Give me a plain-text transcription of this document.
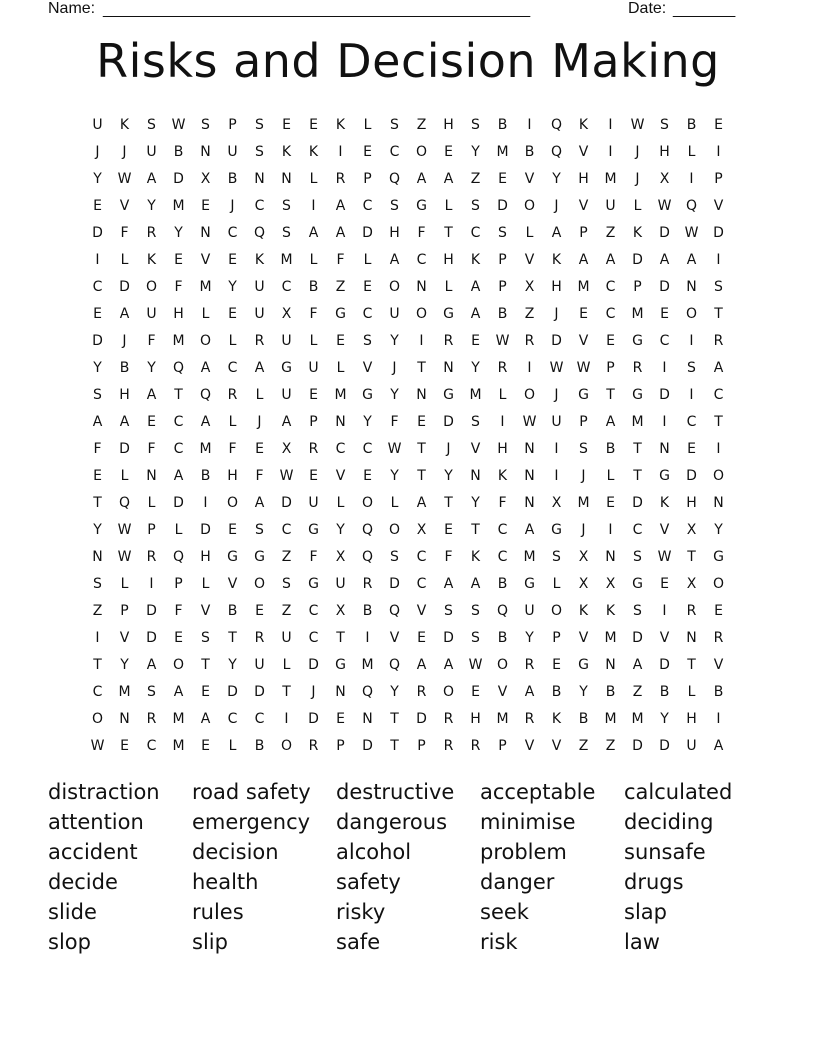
Name: ________________________________________________	Date: _______
Risks and Decision Making
U	K	S	W	S	P	S	E	E	K	L	S	Z	H	S	B	I	Q	K	I	W	S	B	E
J	J	U	B	N	U	S	K	K	I	E	C	O	E	Y	M	B	Q	V	I	J	H	L	I
Y	W	A	D	X	B	N	N	L	R	P	Q	A	A	Z	E	V	Y	H	M	J	X	I	P
E	V	Y	M	E	J	C	S	I	A	C	S	G	L	S	D	O	J	V	U	L	W	Q	V
D	F	R	Y	N	C	Q	S	A	A	D	H	F	T	C	S	L	A	P	Z	K	D	W	D
I	L	K	E	V	E	K	M	L	F	L	A	C	H	K	P	V	K	A	A	D	A	A	I
C	D	O	F	M	Y	U	C	B	Z	E	O	N	L	A	P	X	H	M	C	P	D	N	S
E	A	U	H	L	E	U	X	F	G	C	U	O	G	A	B	Z	J	E	C	M	E	O	T
D	J	F	M	O	L	R	U	L	E	S	Y	I	R	E	W	R	D	V	E	G	C	I	R
Y	B	Y	Q	A	C	A	G	U	L	V	J	T	N	Y	R	I	W W	P	R	I	S	A
S	H	A	T	Q	R	L	U	E	M	G	Y	N	G	M	L	O	J	G	T	G	D	I	C
A	A	E	C	A	L	J	A	P	N	Y	F	E	D	S	I	W	U	P	A	M	I	C	T
F	D	F	C	M	F	E	X	R	C	C	W	T	J	V	H	N	I	S	B	T	N	E	I
E	L	N	A	B	H	F	W	E	V	E	Y	T	Y	N	K	N	I	J	L	T	G	D	O
T	Q	L	D	I	O	A	D	U	L	O	L	A	T	Y	F	N	X	M	E	D	K	H	N
Y	W	P	L	D	E	S	C	G	Y	Q	O	X	E	T	C	A	G	J	I	C	V	X	Y
N	W	R	Q	H	G	G	Z	F	X	Q	S	C	F	K	C	M	S	X	N	S	W	T	G
S	L	I	P	L	V	O	S	G	U	R	D	C	A	A	B	G	L	X	X	G	E	X	O
Z	P	D	F	V	B	E	Z	C	X	B	Q	V	S	S	Q	U	O	K	K	S	I	R	E
I	V	D	E	S	T	R	U	C	T	I	V	E	D	S	B	Y	P	V	M	D	V	N	R
T	Y	A	O	T	Y	U	L	D	G	M	Q	A	A	W	O	R	E	G	N	A	D	T	V
C	M	S	A	E	D	D	T	J	N	Q	Y	R	O	E	V	A	B	Y	B	Z	B	L	B
O	N	R	M	A	C	C	I	D	E	N	T	D	R	H	M	R	K	B	M	M	Y	H	I
W	E	C	M	E	L	B	O	R	P	D	T	P	R	R	P	V	V	Z	Z	D	D	U	A
distraction
attention
accident
decide
slide
slop
road safety
emergency
decision
health
rules
slip
destructive
dangerous
alcohol
safety
risky
safe
acceptable
minimise
problem
danger
seek
risk
calculated
deciding
sunsafe
drugs
slap
law
